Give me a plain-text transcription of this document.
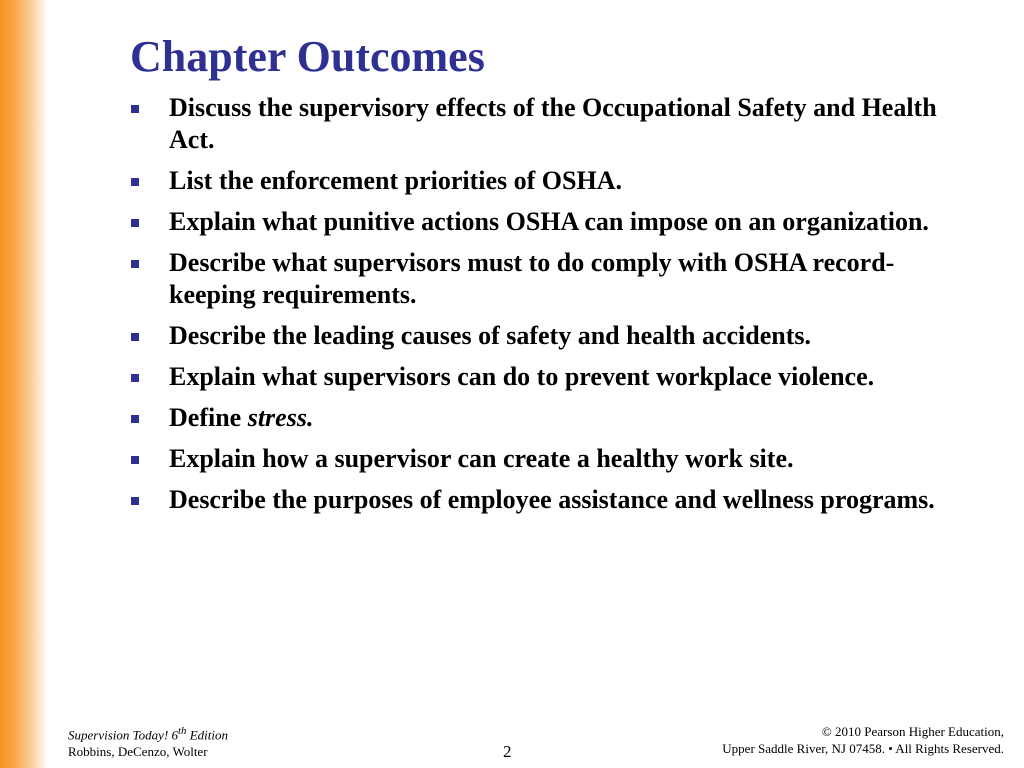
Chapter Outcomes
Discuss the supervisory effects of the Occupational Safety and Health Act.
List the enforcement priorities of OSHA.
Explain what punitive actions OSHA can impose on an organization.
Describe what supervisors must to do comply with OSHA record-keeping requirements.
Describe the leading causes of safety and health accidents.
Explain what supervisors can do to prevent workplace violence.
Define stress.
Explain how a supervisor can create a healthy work site.
Describe the purposes of employee assistance and wellness programs.
Supervision Today! 6th Edition
Robbins, DeCenzo, Wolter	2
© 2010 Pearson Higher Education,
Upper Saddle River, NJ 07458. • All Rights Reserved.
